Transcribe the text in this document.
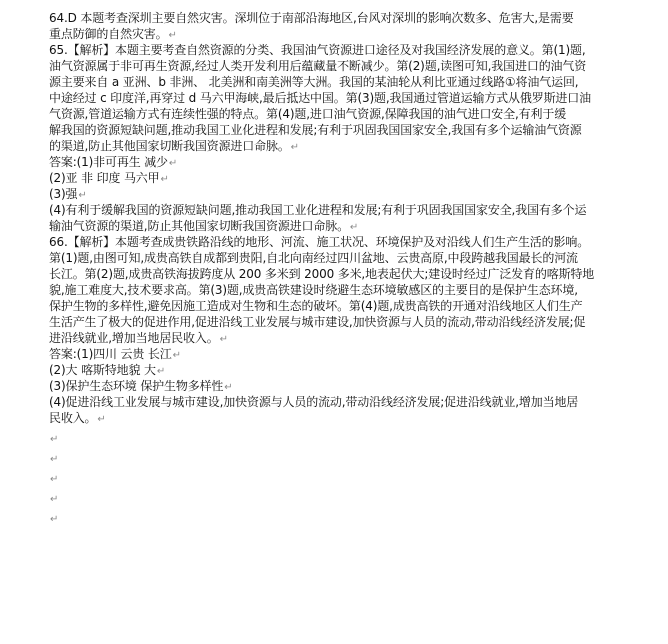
64.D 本题考查深圳主要自然灾害。深圳位于南部沿海地区,台风对深圳的影响次数多、危害大,是需要
重点防御的自然灾害。↵
65.【解析】本题主要考查自然资源的分类、我国油气资源进口途径及对我国经济发展的意义。第(1)题,
油气资源属于非可再生资源,经过人类开发利用后蕴藏量不断减少。第(2)题,读图可知,我国进口的油气资
源主要来自 a 亚洲、b 非洲、 北美洲和南美洲等大洲。我国的某油轮从利比亚通过线路①将油气运回,
中途经过 c 印度洋,再穿过 d 马六甲海峡,最后抵达中国。第(3)题,我国通过管道运输方式从俄罗斯进口油
气资源,管道运输方式有连续性强的特点。第(4)题,进口油气资源,保障我国的油气进口安全,有利于缓
解我国的资源短缺问题,推动我国工业化进程和发展;有利于巩固我国国家安全,我国有多个运输油气资源
的渠道,防止其他国家切断我国资源进口命脉。↵
答案:(1)非可再生 减少↵
(2)亚 非 印度 马六甲↵
(3)强↵
(4)有利于缓解我国的资源短缺问题,推动我国工业化进程和发展;有利于巩固我国国家安全,我国有多个运
输油气资源的渠道,防止其他国家切断我国资源进口命脉。↵
66.【解析】本题考查成贵铁路沿线的地形、河流、施工状况、环境保护及对沿线人们生产生活的影响。
第(1)题,由图可知,成贵高铁自成都到贵阳,自北向南经过四川盆地、云贵高原,中段跨越我国最长的河流
长江。第(2)题,成贵高铁海拔跨度从 200 多米到 2000 多米,地表起伏大;建设时经过广泛发育的喀斯特地
貌,施工难度大,技术要求高。第(3)题,成贵高铁建设时绕避生态环境敏感区的主要目的是保护生态环境,
保护生物的多样性,避免因施工造成对生物和生态的破坏。第(4)题,成贵高铁的开通对沿线地区人们生产
生活产生了极大的促进作用,促进沿线工业发展与城市建设,加快资源与人员的流动,带动沿线经济发展;促
进沿线就业,增加当地居民收入。↵
答案:(1)四川 云贵 长江↵
(2)大 喀斯特地貌 大↵
(3)保护生态环境 保护生物多样性↵
(4)促进沿线工业发展与城市建设,加快资源与人员的流动,带动沿线经济发展;促进沿线就业,增加当地居
民收入。↵
↵
↵
↵
↵
↵
